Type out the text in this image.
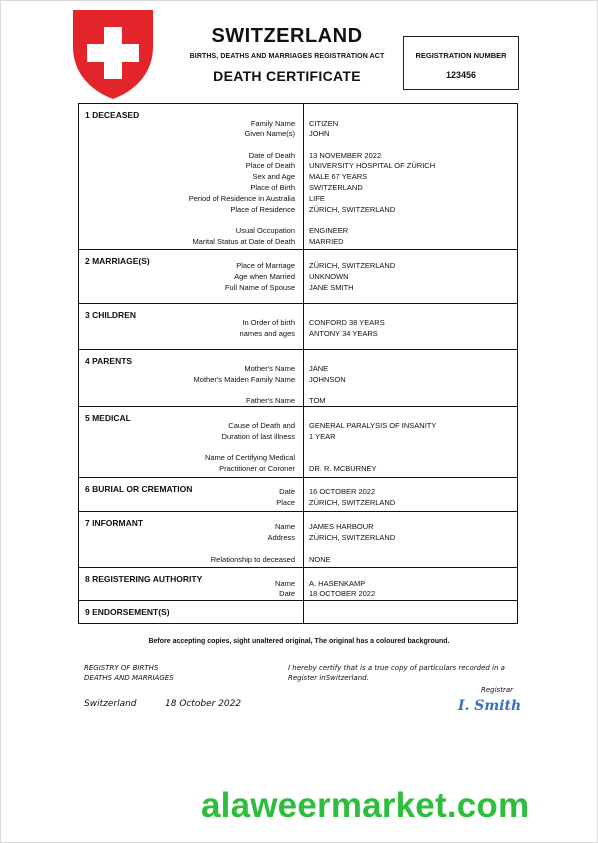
SWITZERLAND
BIRTHS, DEATHS AND MARRIAGES REGISTRATION ACT
DEATH CERTIFICATE
REGISTRATION NUMBER
123456
1 DECEASED
Family Name CITIZEN
Given Name(s) JOHN
Date of Death 13 NOVEMBER 2022
Place of Death UNIVERSITY HOSPITAL OF ZÜRICH
Sex and Age MALE 67 YEARS
Place of Birth SWITZERLAND
Period of Residence in Australia LIFE
Place of Residence ZÜRICH, SWITZERLAND
Usual Occupation ENGINEER
Marital Status at Date of Death MARRIED
2 MARRIAGE(S)	Place of Marriage ZÜRICH, SWITZERLAND
Age when Married UNKNOWN
Full Name of Spouse JANE SMITH
3 CHILDREN
In Order of birth CONFORD 38 YEARS
names and ages ANTONY 34 YEARS
4 PARENTS
Mother's Name JANE
Mother's Maiden Family Name JOHNSON
Father's Name TOM
5 MEDICAL
Cause of Death and GENERAL PARALYSIS OF INSANITY
Duration of last illness 1 YEAR
Name of Certifying Medical
Practitioner or Coroner DR. R. MCBURNEY
6 BURIAL OR CREMATION	Date 16 OCTOBER 2022
Place ZÜRICH, SWITZERLAND
7 INFORMANT	Name JAMES HARBOUR
Address ZÜRICH, SWITZERLAND
Relationship to deceased NONE
8 REGISTERING AUTHORITY	Name A. HASENKAMP
Date 18 OCTOBER 2022
9 ENDORSEMENT(S)
Before accepting copies, sight unaltered original, The original has a coloured background.
REGISTRY OF BIRTHS
DEATHS AND MARRIAGES
I hereby certify that is a true copy of particulars recorded in a
Register inSwitzerland.
Registrar
I. Smith
Switzerland	18 October 2022
alaweermarket.com
